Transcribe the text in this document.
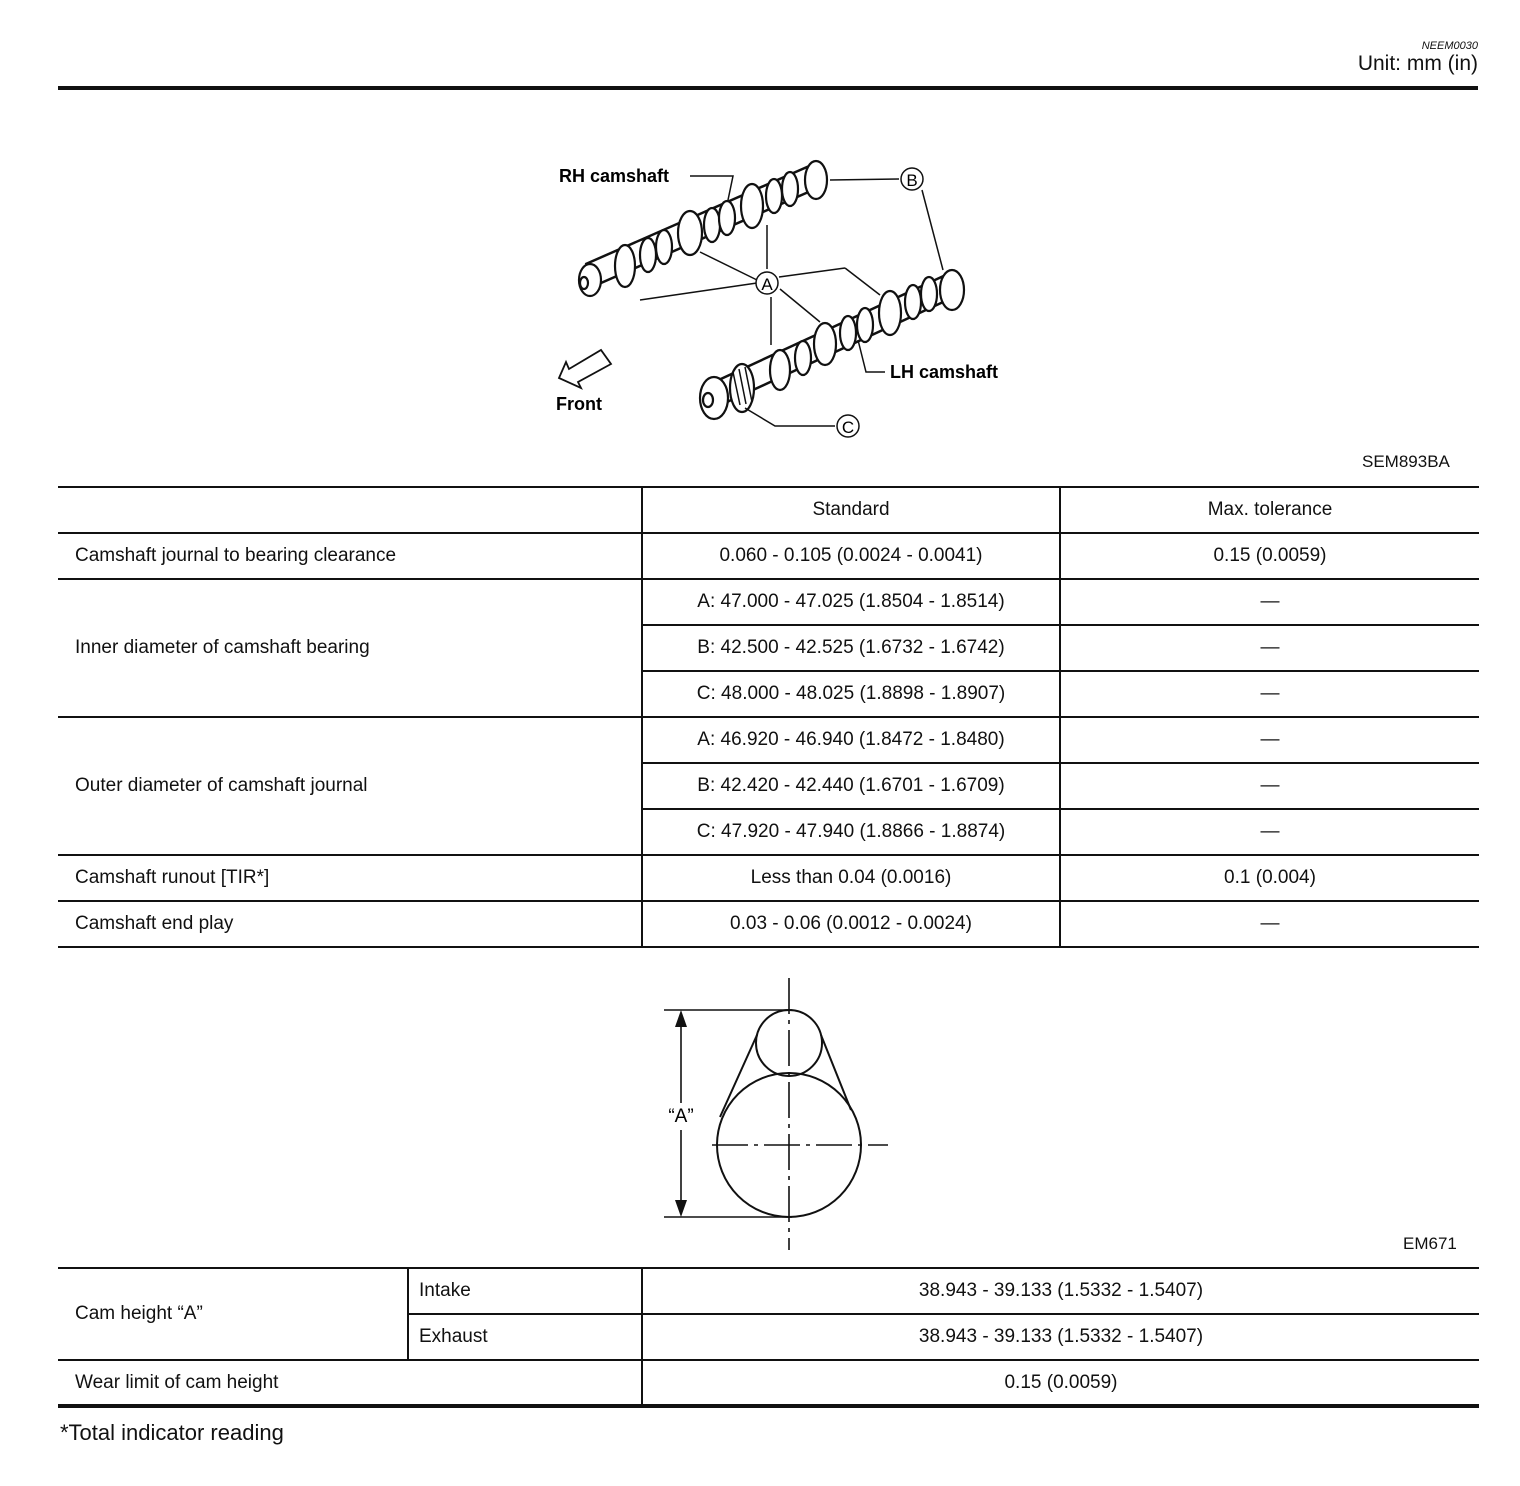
NEEM0030
Unit: mm (in)
A
B
C
RH camshaft
LH camshaft
Front
SEM893BA
	Standard	Max. tolerance
Camshaft journal to bearing clearance	0.060 - 0.105 (0.0024 - 0.0041)	0.15 (0.0059)
Inner diameter of camshaft bearing	A: 47.000 - 47.025 (1.8504 - 1.8514)	—
	B: 42.500 - 42.525 (1.6732 - 1.6742)	—
	C: 48.000 - 48.025 (1.8898 - 1.8907)	—
Outer diameter of camshaft journal	A: 46.920 - 46.940 (1.8472 - 1.8480)	—
	B: 42.420 - 42.440 (1.6701 - 1.6709)	—
	C: 47.920 - 47.940 (1.8866 - 1.8874)	—
Camshaft runout [TIR*]	Less than 0.04 (0.0016)	0.1 (0.004)
Camshaft end play	0.03 - 0.06 (0.0012 - 0.0024)	—
“A”
EM671
Cam height “A”	Intake	38.943 - 39.133 (1.5332 - 1.5407)
	Exhaust	38.943 - 39.133 (1.5332 - 1.5407)
Wear limit of cam height		0.15 (0.0059)
*Total indicator reading
